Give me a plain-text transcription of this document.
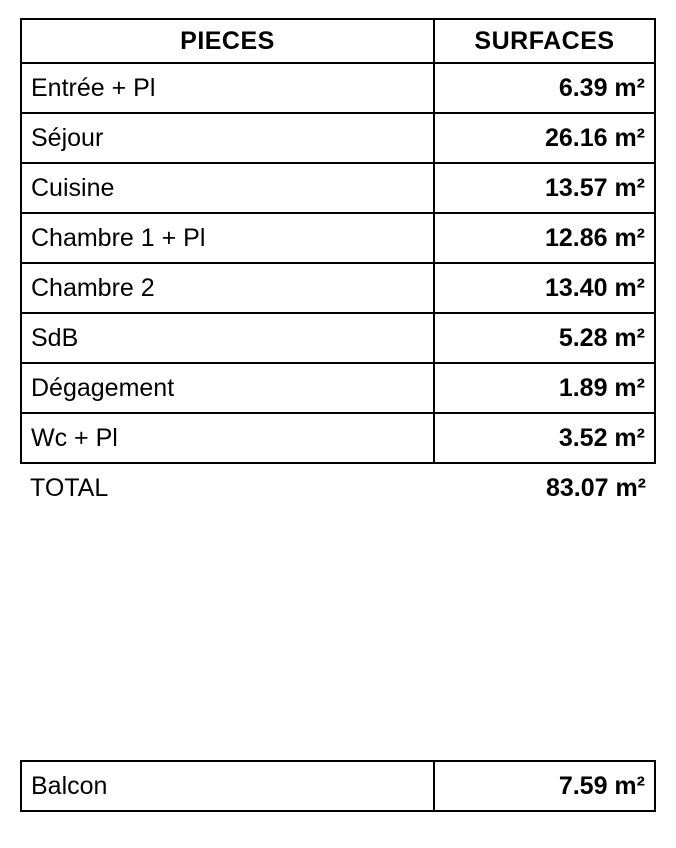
PIECES	SURFACES
Entrée + Pl	6.39 m²
Séjour	26.16 m²
Cuisine	13.57 m²
Chambre 1 + Pl	12.86 m²
Chambre 2	13.40 m²
SdB	5.28 m²
Dégagement	1.89 m²
Wc + Pl	3.52 m²
TOTAL	83.07 m²
Balcon	7.59 m²
